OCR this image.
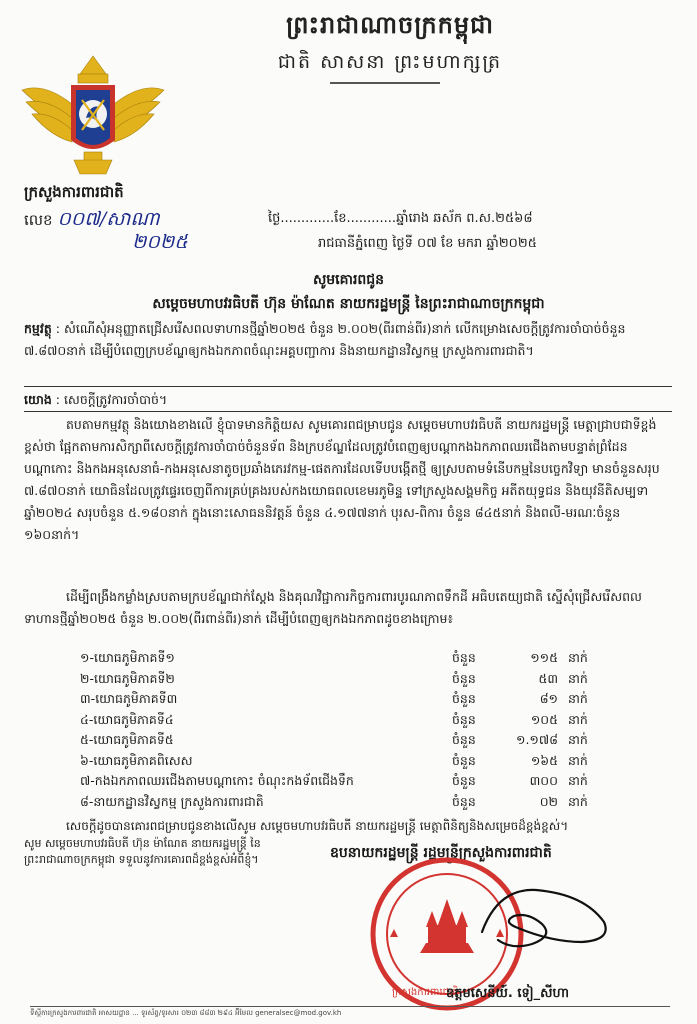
ព្រះរាជាណាចក្រកម្ពុជា
ជាតិ សាសនា ព្រះមហាក្សត្រ
ក្រសួងការពារជាតិ
លេខ ០០៧/សាណា
២០២៥
ថ្ងៃ.............ខែ............ឆ្នាំរោង ឆស័ក ព.ស.២៥៦៨
រាជធានីភ្នំពេញ ថ្ងៃទី ០៧ ខែ មករា ឆ្នាំ២០២៥
សូមគោរពជូន
សម្តេចមហាបវរធិបតី ហ៊ុន ម៉ាណែត នាយករដ្ឋមន្ត្រី នៃព្រះរាជាណាចក្រកម្ពុជា
កម្មវត្ថុ : សំណើសុំអនុញ្ញាតជ្រើសរើសពលទាហានថ្មីឆ្នាំ២០២៥ ចំនួន ២.០០២(ពីរពាន់ពីរ)នាក់ លើកម្រោងសេចក្តីត្រូវការចាំបាច់ចំនួន ៧.៨៧០នាក់ ដើម្បីបំពេញក្របខ័ណ្ឌឲ្យកងឯកភាពចំណុះអគ្គបញ្ជាការ និងនាយកដ្ឋានវិស្វកម្ម ក្រសួងការពារជាតិ។
យោង : សេចក្តីត្រូវការចាំបាច់។
តបតាមកម្មវត្ថុ និងយោងខាងលើ ខ្ញុំបាទមានកិត្តិយស សូមគោរពជម្រាបជូន សម្តេចមហាបវរធិបតី នាយករដ្ឋមន្ត្រី មេត្តាជ្រាបជាទីខ្ពង់ខ្ពស់ថា ផ្អែកតាមការសិក្សាពីសេចក្តីត្រូវការចាំបាច់ចំនួនទ័ព និងក្របខ័ណ្ឌដែលត្រូវបំពេញឲ្យបណ្តាកងឯកភាពឈរជើងតាមបន្ទាត់ព្រំដែន បណ្តាកោះ និងកងអនុសេនាធំ-កងអនុសេនាតូចប្រឆាំងភេរវកម្ម-ផេតការដែលទើបបង្កើតថ្មី ឲ្យស្របតាមទំនើបកម្មនៃបច្ចេកវិទ្យា មានចំនួនសរុប ៧.៨៧០នាក់ យោធិនដែលត្រូវផ្ទេរចេញពីការគ្រប់គ្រងរបស់កងយោធពលខេមរភូមិន្ទ ទៅក្រសួងសង្គមកិច្ច អតីតយុទ្ធជន និងយុវនីតិសម្បទាឆ្នាំ២០២៤ សរុបចំនួន ៥.១៨០នាក់ ក្នុងនោះសោធននិវត្តន៍ ចំនួន ៤.១៧៧នាក់ បុរស-ពិការ ចំនួន ៨៤៥នាក់ និងពលី-មរណៈចំនួន ១៦០នាក់។
ដើម្បីពង្រឹងកម្លាំងស្របតាមក្របខ័ណ្ឌជាក់ស្តែង និងគុណវិជ្ជាការកិច្ចការពារបូរណភាពទឹកដី អធិបតេយ្យជាតិ ស្នើសុំជ្រើសរើសពលទាហានថ្មីឆ្នាំ២០២៥ ចំនួន ២.០០២(ពីរពាន់ពីរ)នាក់ ដើម្បីបំពេញឲ្យកងឯកភាពដូចខាងក្រោម៖
១-យោធភូមិភាគទី១	ចំនួន	១១៥ នាក់
២-យោធភូមិភាគទី២	ចំនួន	៥៣ នាក់
៣-យោធភូមិភាគទី៣	ចំនួន	៨១ នាក់
៤-យោធភូមិភាគទី៤	ចំនួន	១០៥ នាក់
៥-យោធភូមិភាគទី៥	ចំនួន	១.១៧៨ នាក់
៦-យោធភូមិភាគពិសេស	ចំនួន	១៦៥ នាក់
៧-កងឯកភាពឈរជើងតាមបណ្តាកោះ ចំណុះកងទ័ពជើងទឹក	ចំនួន	៣០០ នាក់
៨-នាយកដ្ឋានវិស្វកម្ម ក្រសួងការពារជាតិ	ចំនួន	០២ នាក់
សេចក្តីដូចបានគោរពជម្រាបជូនខាងលើសូម សម្តេចមហាបវរធិបតី នាយករដ្ឋមន្ត្រី មេត្តាពិនិត្យនិងសម្រេចដ៏ខ្ពង់ខ្ពស់។
ឧបនាយករដ្ឋមន្ត្រី រដ្ឋមន្ត្រីក្រសួងការពារជាតិ
ក្រសួងការពារជាតិ
ឧត្តមសេនីយ៍. ទៀ_សីហា
ទីស្តីការក្រសួងការពារជាតិ អាសយដ្ឋាន ... ទូរស័ព្ទ/ទូរសារ ០២៣ ៨៨៣ ២៩៤ អ៊ីមែល generalsec@mod.gov.kh
សូម សម្តេចមហាបវរធិបតី ហ៊ុន ម៉ាណែត នាយករដ្ឋមន្ត្រី នៃព្រះរាជាណាចក្រកម្ពុជា ទទួលនូវការគោរពដ៏ខ្ពង់ខ្ពស់អំពីខ្ញុំ។
